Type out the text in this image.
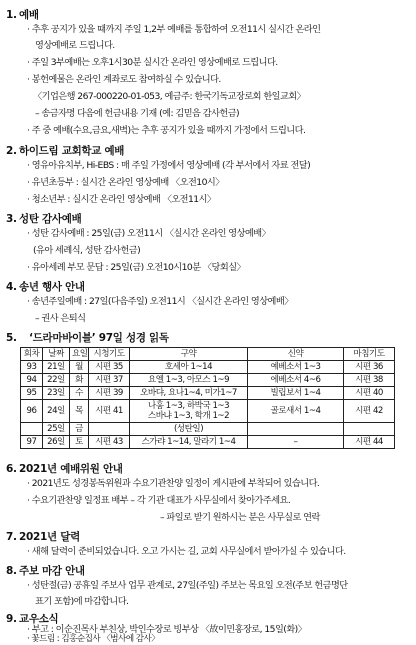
1. 예배
· 추후 공지가 있을 때까지 주일 1,2부 예배를 통합하여 오전11시 실시간 온라인
영상예배로 드립니다.
· 주일 3부예배는 오후1시30분 실시간 온라인 영상예배로 드립니다.
· 봉헌예물은 온라인 계좌로도 참여하실 수 있습니다.
〈기업은행 267-000220-01-053, 예금주: 한국기독교장로회 한일교회〉
– 송금자명 다음에 헌금내용 기재 (예: 김믿음 감사헌금)
· 주 중 예배(수요,금요,새벽)는 추후 공지가 있을 때까지 가정에서 드립니다.
2. 하이드림 교회학교 예배
· 영유아유치부, Hi-EBS : 매 주일 가정에서 영상예배 (각 부서에서 자료 전달)
· 유년초등부 : 실시간 온라인 영상예배 〈오전10시〉
· 청소년부 : 실시간 온라인 영상예배 〈오전11시〉
3. 성탄 감사예배
· 성탄 감사예배 : 25일(금) 오전11시 〈실시간 온라인 영상예배〉
(유아 세례식, 성탄 감사헌금)
· 유아세례 부모 문답 : 25일(금) 오전10시10분 〈당회실〉
4. 송년 행사 안내
· 송년주일예배 : 27일(다음주일) 오전11시 〈실시간 온라인 영상예배〉
– 권사 은퇴식
5. ‘드라마바이블’ 97일 성경 읽독
회차	날짜	요일	시청기도	구약	신약	마침기도
93	21일	월	시편 35	호세아 1~14	예베소서 1~3	시편 36
94	22일	화	시편 37	요엘 1~3, 아모스 1~9	에베소서 4~6	시편 38
95	23일	수	시편 39	오바댜, 요나1~4, 미가1~7	빌립보서 1~4	시편 40
96	24일	목	시편 41	나훔 1~3, 하박국 1~3
스바냐 1~3, 학개 1~2	골로새서 1~4	시편 42
	25일	금		(성탄일)		
97	26일	토	시편 43	스가랴 1~14, 말라기 1~4	–	시편 44
6. 2021년 예배위원 안내
· 2021년도 성경봉독위원과 수요기관찬양 일정이 게시판에 부착되어 있습니다.
· 수요기관찬양 일정표 배부 – 각 기관 대표가 사무실에서 찾아가주세요.
– 파일로 받기 원하시는 분은 사무실로 연락
7. 2021년 달력
· 새해 달력이 준비되었습니다. 오고 가시는 길, 교회 사무실에서 받아가실 수 있습니다.
8. 주보 마감 안내
· 성탄절(금) 공휴일 주보사 업무 관계로, 27일(주일) 주보는 목요일 오전(주보 헌금명단
표기 포함)에 마감합니다.
9. 교우소식
· 부고 : 이순진목사 부친상, 박인수장로 빙부상 〈故이민홍장로, 15일(화)〉
· 꽃드림 : 김홍순집사 〈범사에 감사〉
